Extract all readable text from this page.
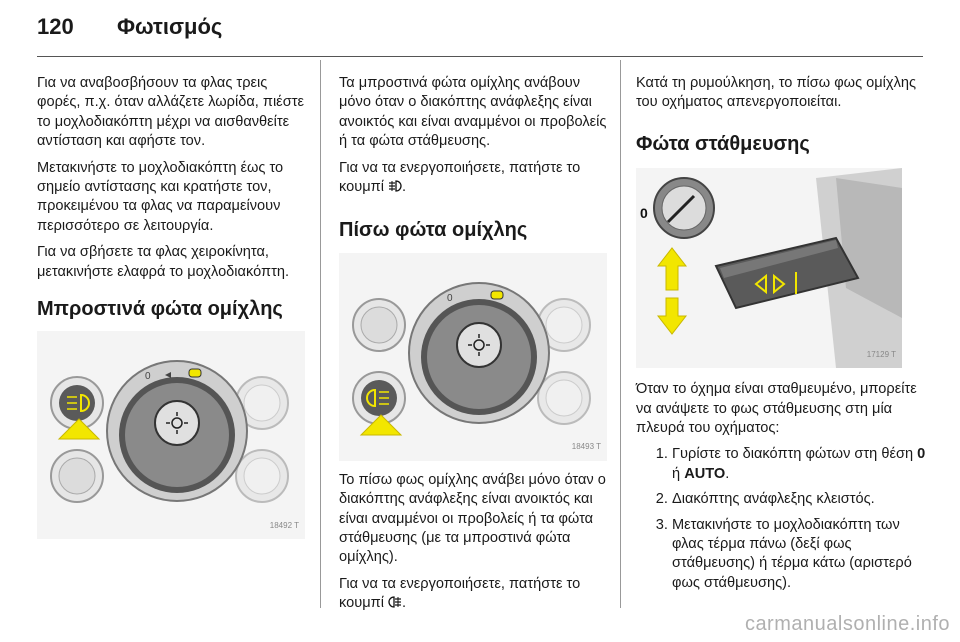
120 Φωτισμός

Για να αναβοσβήσουν τα φλας τρεις φορές, π.χ. όταν αλλάζετε λωρίδα, πιέστε το μοχλοδιακόπτη μέχρι να αισθανθείτε αντίσταση και αφήστε τον.

Μετακινήστε το μοχλοδιακόπτη έως το σημείο αντίστασης και κρατήστε τον, προκειμένου τα φλας να παραμείνουν περισσότερο σε λειτουργία.

Για να σβήσετε τα φλας χειροκίνητα, μετακινήστε ελαφρά το μοχλοδιακόπτη.

Μπροστινά φώτα ομίχλης
0
18492 T

Τα μπροστινά φώτα ομίχλης ανάβουν μόνο όταν ο διακόπτης ανάφλεξης είναι ανοικτός και είναι αναμμένοι οι προβολείς ή τα φώτα στάθμευσης.

Για να τα ενεργοποιήσετε, πατήστε το κουμπί .

Πίσω φώτα ομίχλης
0
18493 T

Το πίσω φως ομίχλης ανάβει μόνο όταν ο διακόπτης ανάφλεξης είναι ανοικτός και είναι αναμμένοι οι προβολείς ή τα φώτα στάθμευσης (με τα μπροστινά φώτα ομίχλης).

Για να τα ενεργοποιήσετε, πατήστε το κουμπί .

Κατά τη ρυμούλκηση, το πίσω φως ομίχλης του οχήματος απενεργοποιείται.

Φώτα στάθμευσης
0
17129 T

Όταν το όχημα είναι σταθμευμένο, μπορείτε να ανάψετε το φως στάθμευσης στη μία πλευρά του οχήματος:

1. Γυρίστε το διακόπτη φώτων στη θέση 0 ή AUTO.
2. Διακόπτης ανάφλεξης κλειστός.
3. Μετακινήστε το μοχλοδιακόπτη των φλας τέρμα πάνω (δεξί φως στάθμευσης) ή τέρμα κάτω (αριστερό φως στάθμευσης).
carmanualsonline.info
